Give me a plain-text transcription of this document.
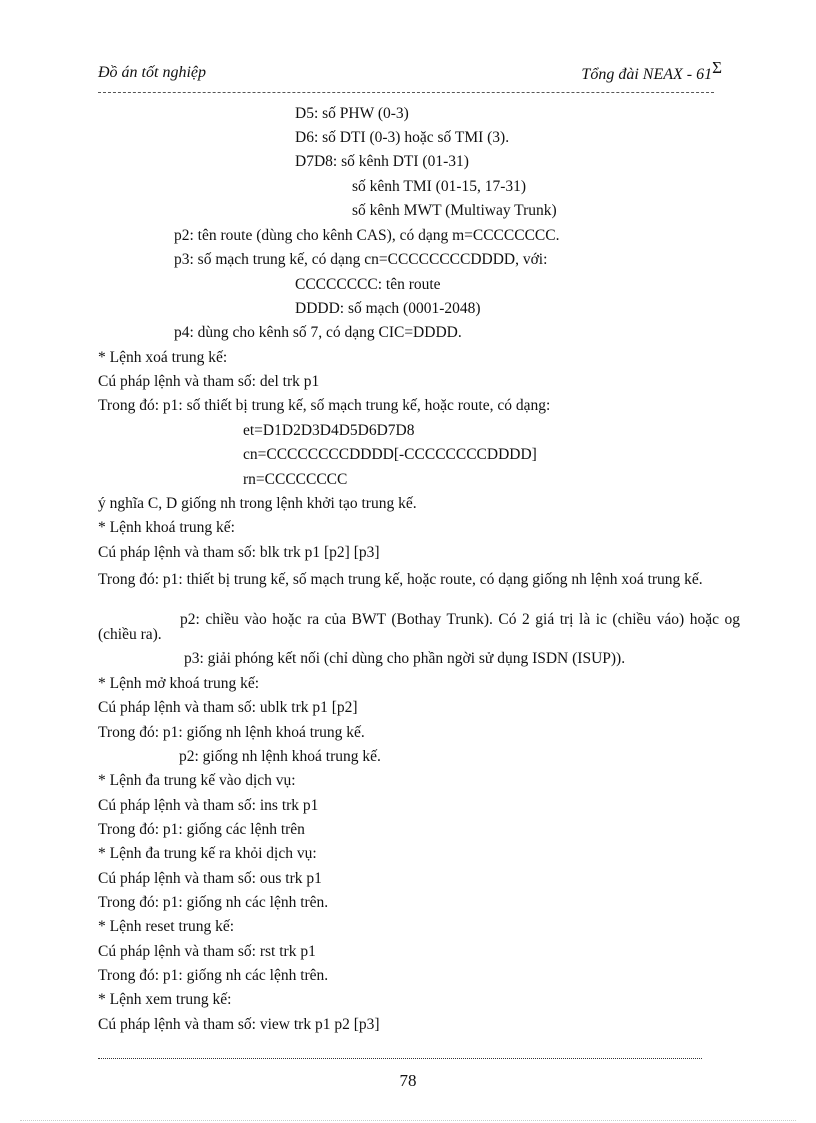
Đồ án tốt nghiệp	Tổng đài NEAX - 61Σ
D5: số PHW (0-3)
D6: số DTI (0-3) hoặc số TMI (3).
D7D8: số kênh DTI (01-31)
số kênh TMI (01-15, 17-31)
số kênh MWT (Multiway Trunk)
p2: tên route (dùng cho kênh CAS), có dạng m=CCCCCCCC.
p3: số mạch trung kế, có dạng cn=CCCCCCCCDDDD, với:
CCCCCCCC: tên route
DDDD: số mạch (0001-2048)
p4: dùng cho kênh số 7, có dạng CIC=DDDD.
* Lệnh xoá trung kế:
Cú pháp lệnh và tham số: del trk p1
Trong đó: p1: số thiết bị trung kế, số mạch trung kế, hoặc route, có dạng:
et=D1D2D3D4D5D6D7D8
cn=CCCCCCCCDDDD[-CCCCCCCCDDDD]
rn=CCCCCCCC
ý nghĩa C, D giống nh trong lệnh khởi tạo trung kế.
* Lệnh khoá trung kế:
Cú pháp lệnh và tham số: blk trk p1 [p2] [p3]
Trong đó: p1: thiết bị trung kế, số mạch trung kế, hoặc route, có dạng giống nh lệnh xoá trung kế.
p2: chiều vào hoặc ra của BWT (Bothay Trunk). Có 2 giá trị là ic (chiều váo) hoặc og (chiều ra).
p3: giải phóng kết nối (chỉ dùng cho phần ngời sử dụng ISDN (ISUP)).
* Lệnh mở khoá trung kế:
Cú pháp lệnh và tham số: ublk trk p1 [p2]
Trong đó: p1: giống nh lệnh khoá trung kế.
p2: giống nh lệnh khoá trung kế.
* Lệnh đa trung kế vào dịch vụ:
Cú pháp lệnh và tham số: ins trk p1
Trong đó: p1: giống các lệnh trên
* Lệnh đa trung kế ra khỏi dịch vụ:
Cú pháp lệnh và tham số: ous trk p1
Trong đó: p1: giống nh các lệnh trên.
* Lệnh reset trung kế:
Cú pháp lệnh và tham số: rst trk p1
Trong đó: p1: giống nh các lệnh trên.
* Lệnh xem trung kế:
Cú pháp lệnh và tham số: view trk p1 p2 [p3]
78
